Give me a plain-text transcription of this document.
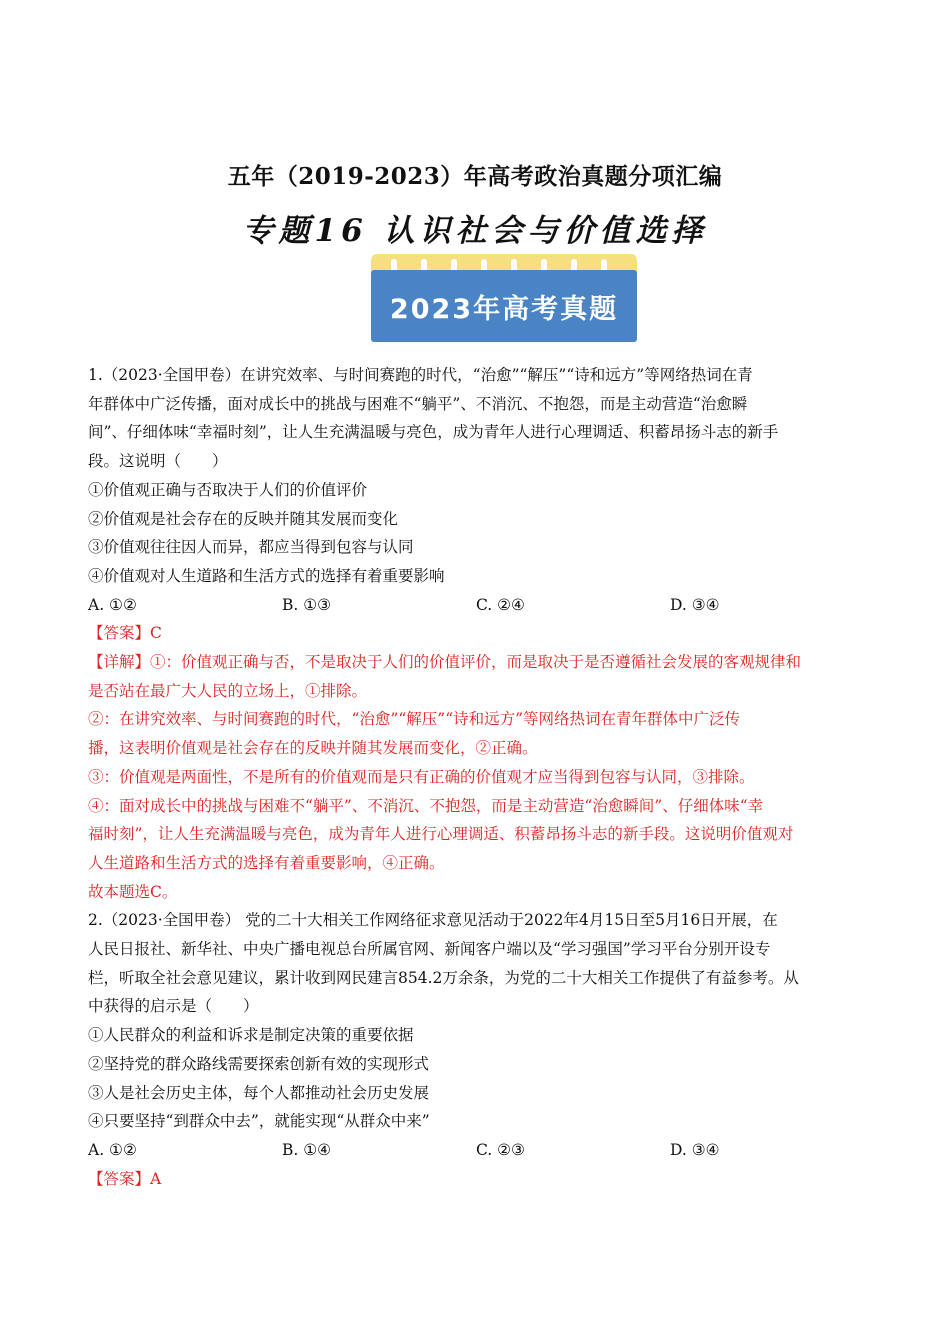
五年（2019-2023）年高考政治真题分项汇编
专题16 认识社会与价值选择
2023年高考真题

1.（2023·全国甲卷）在讲究效率、与时间赛跑的时代，“治愈”“解压”“诗和远方”等网络热词在青

年群体中广泛传播，面对成长中的挑战与困难不“躺平”、不消沉、不抱怨，而是主动营造“治愈瞬

间”、仔细体味“幸福时刻”，让人生充满温暖与亮色，成为青年人进行心理调适、积蓄昂扬斗志的新手

段。这说明（　　）

①价值观正确与否取决于人们的价值评价

②价值观是社会存在的反映并随其发展而变化

③价值观往往因人而异，都应当得到包容与认同

④价值观对人生道路和生活方式的选择有着重要影响

A. ①②	B. ①③	C. ②④	D. ③④

【答案】C

【详解】①：价值观正确与否，不是取决于人们的价值评价，而是取决于是否遵循社会发展的客观规律和

是否站在最广大人民的立场上，①排除。

②：在讲究效率、与时间赛跑的时代，“治愈”“解压”“诗和远方”等网络热词在青年群体中广泛传

播，这表明价值观是社会存在的反映并随其发展而变化，②正确。

③：价值观是两面性，不是所有的价值观而是只有正确的价值观才应当得到包容与认同，③排除。

④：面对成长中的挑战与困难不“躺平”、不消沉、不抱怨，而是主动营造“治愈瞬间”、仔细体味“幸

福时刻”，让人生充满温暖与亮色，成为青年人进行心理调适、积蓄昂扬斗志的新手段。这说明价值观对

人生道路和生活方式的选择有着重要影响，④正确。

故本题选C。

2.（2023·全国甲卷） 党的二十大相关工作网络征求意见活动于2022年4月15日至5月16日开展，在

人民日报社、新华社、中央广播电视总台所属官网、新闻客户端以及“学习强国”学习平台分别开设专

栏，听取全社会意见建议，累计收到网民建言854.2万余条，为党的二十大相关工作提供了有益参考。从

中获得的启示是（　　）

①人民群众的利益和诉求是制定决策的重要依据

②坚持党的群众路线需要探索创新有效的实现形式

③人是社会历史主体，每个人都推动社会历史发展

④只要坚持“到群众中去”，就能实现“从群众中来”

A. ①②	B. ①④	C. ②③	D. ③④

【答案】A
